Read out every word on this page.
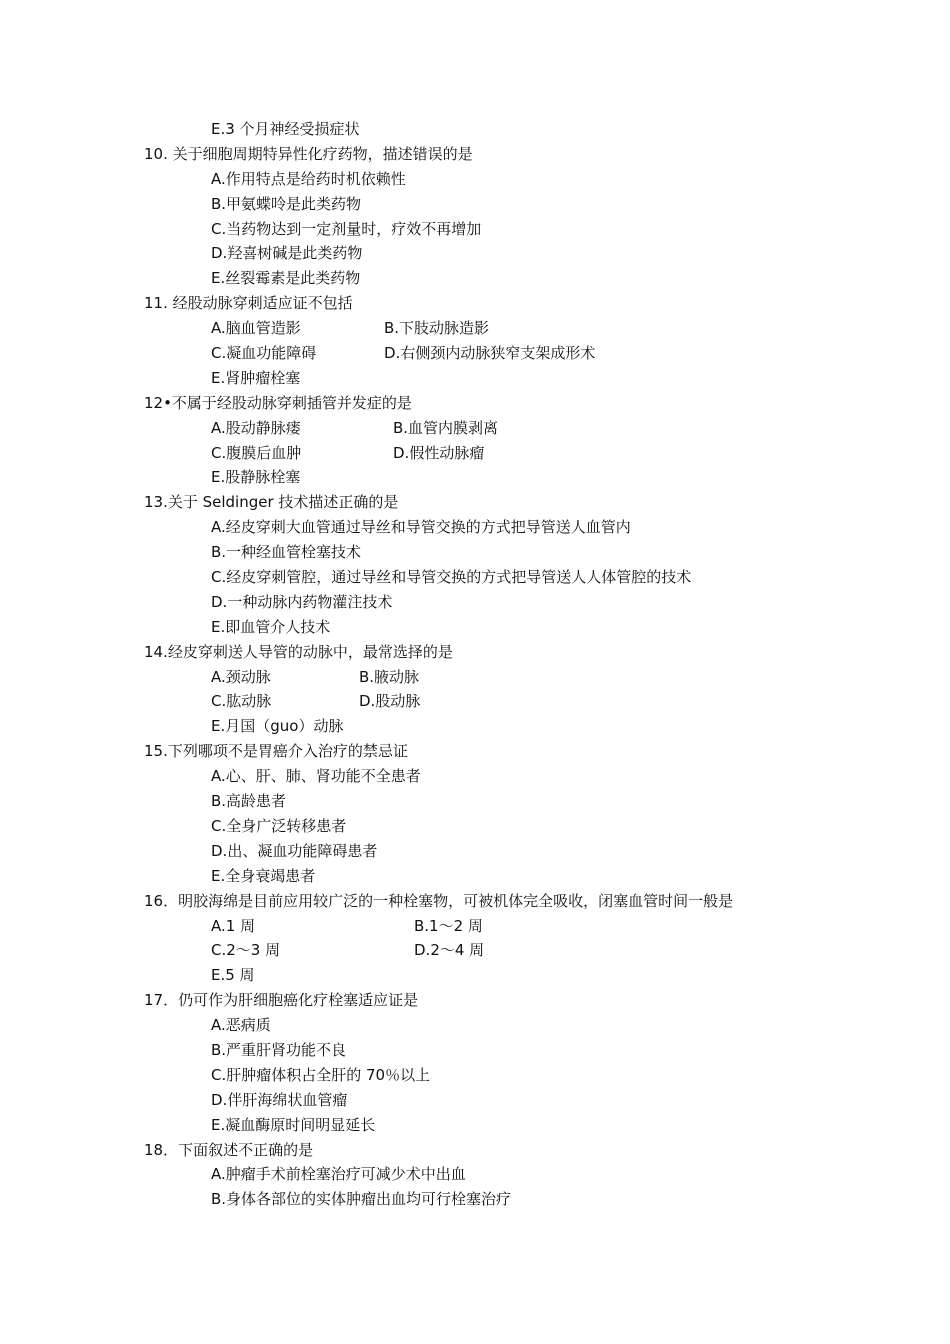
E.3 个月神经受损症状
10. 关于细胞周期特异性化疗药物，描述错误的是
A.作用特点是给药时机依赖性
B.甲氨蝶呤是此类药物
C.当药物达到一定剂量时，疗效不再增加
D.羟喜树碱是此类药物
E.丝裂霉素是此类药物
11. 经股动脉穿刺适应证不包括
A.脑血管造影	B.下肢动脉造影
C.凝血功能障碍	D.右侧颈内动脉狭窄支架成形术
E.肾肿瘤栓塞
12•不属于经股动脉穿刺插管并发症的是
A.股动静脉瘘	B.血管内膜剥离
C.腹膜后血肿	D.假性动脉瘤
E.股静脉栓塞
13.关于 Seldinger 技术描述正确的是
A.经皮穿刺大血管通过导丝和导管交换的方式把导管送人血管内
B.一种经血管栓塞技术
C.经皮穿刺管腔，通过导丝和导管交换的方式把导管送人人体管腔的技术
D.一种动脉内药物灌注技术
E.即血管介人技术
14.经皮穿刺送人导管的动脉中，最常选择的是
A.颈动脉	B.腋动脉
C.肱动脉	D.股动脉
E.月国（guo）动脉
15.下列哪项不是胃癌介入治疗的禁忌证
A.心、肝、肺、肾功能不全患者
B.高龄患者
C.全身广泛转移患者
D.出、凝血功能障碍患者
E.全身衰竭患者
16．明胶海绵是目前应用较广泛的一种栓塞物，可被机体完全吸收，闭塞血管时间一般是
A.1 周	B.1～2 周
C.2～3 周	D.2～4 周
E.5 周
17．仍可作为肝细胞癌化疗栓塞适应证是
A.恶病质
B.严重肝肾功能不良
C.肝肿瘤体积占全肝的 70％以上
D.伴肝海绵状血管瘤
E.凝血酶原时间明显延长
18．下面叙述不正确的是
A.肿瘤手术前栓塞治疗可减少术中出血
B.身体各部位的实体肿瘤出血均可行栓塞治疗
